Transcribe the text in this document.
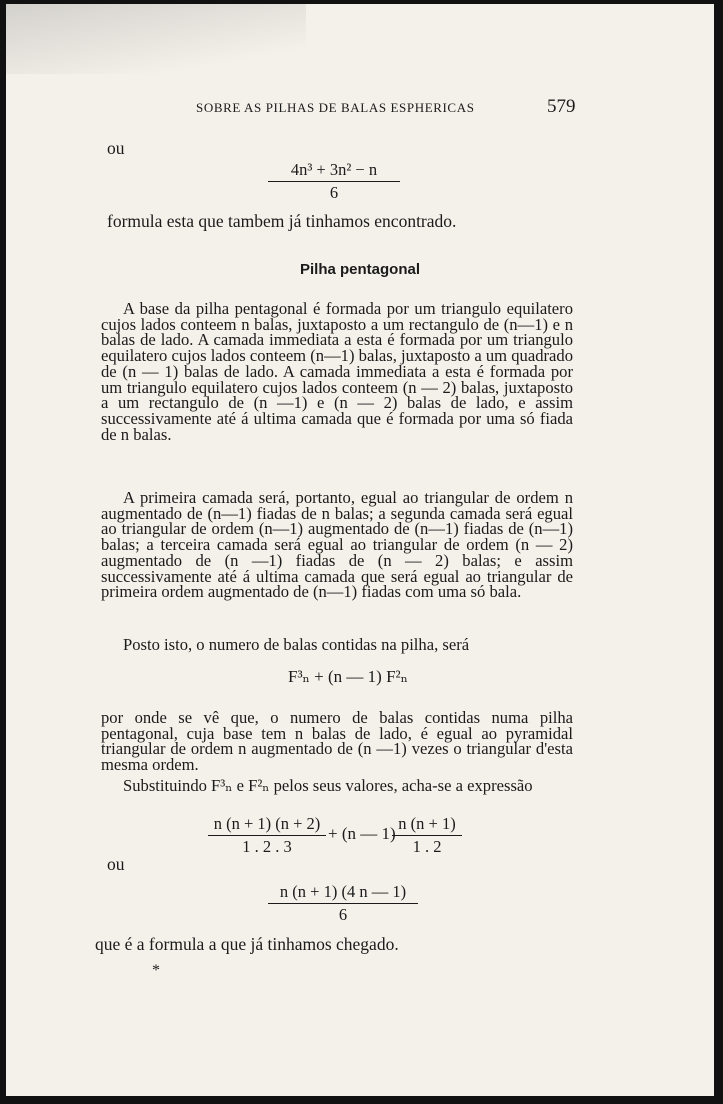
SOBRE AS PILHAS DE BALAS ESPHERICAS	579
ou
4n³ + 3n² − n
6
formula esta que tambem já tinhamos encontrado.
Pilha pentagonal

A base da pilha pentagonal é formada por um triangulo equilatero cujos lados conteem n balas, juxtaposto a um rectangulo de (n—1) e n balas de lado. A camada immediata a esta é formada por um triangulo equilatero cujos lados conteem (n—1) balas, juxtaposto a um quadrado de (n — 1) balas de lado. A camada immediata a esta é formada por um triangulo equilatero cujos lados conteem (n — 2) balas, juxtaposto a um rectangulo de (n —1) e (n — 2) balas de lado, e assim successivamente até á ultima camada que é formada por uma só fiada de n balas.

A primeira camada será, portanto, egual ao triangular de ordem n augmentado de (n—1) fiadas de n balas; a segunda camada será egual ao triangular de ordem (n—1) augmentado de (n—1) fiadas de (n—1) balas; a terceira camada será egual ao triangular de ordem (n — 2) augmentado de (n —1) fiadas de (n — 2) balas; e assim successivamente até á ultima camada que será egual ao triangular de primeira ordem augmentado de (n—1) fiadas com uma só bala.

Posto isto, o numero de balas contidas na pilha, será

F³ₙ + (n — 1) F²ₙ

por onde se vê que, o numero de balas contidas numa pilha pentagonal, cuja base tem n balas de lado, é egual ao pyramidal triangular de ordem n augmentado de (n —1) vezes o triangular d'esta mesma ordem.

Substituindo F³ₙ e F²ₙ pelos seus valores, acha-se a expressão

n (n + 1) (n + 2)
1 . 2 . 3
+ (n — 1)
n (n + 1)
1 . 2
ou
n (n + 1) (4 n — 1)
6
que é a formula a que já tinhamos chegado.
*
